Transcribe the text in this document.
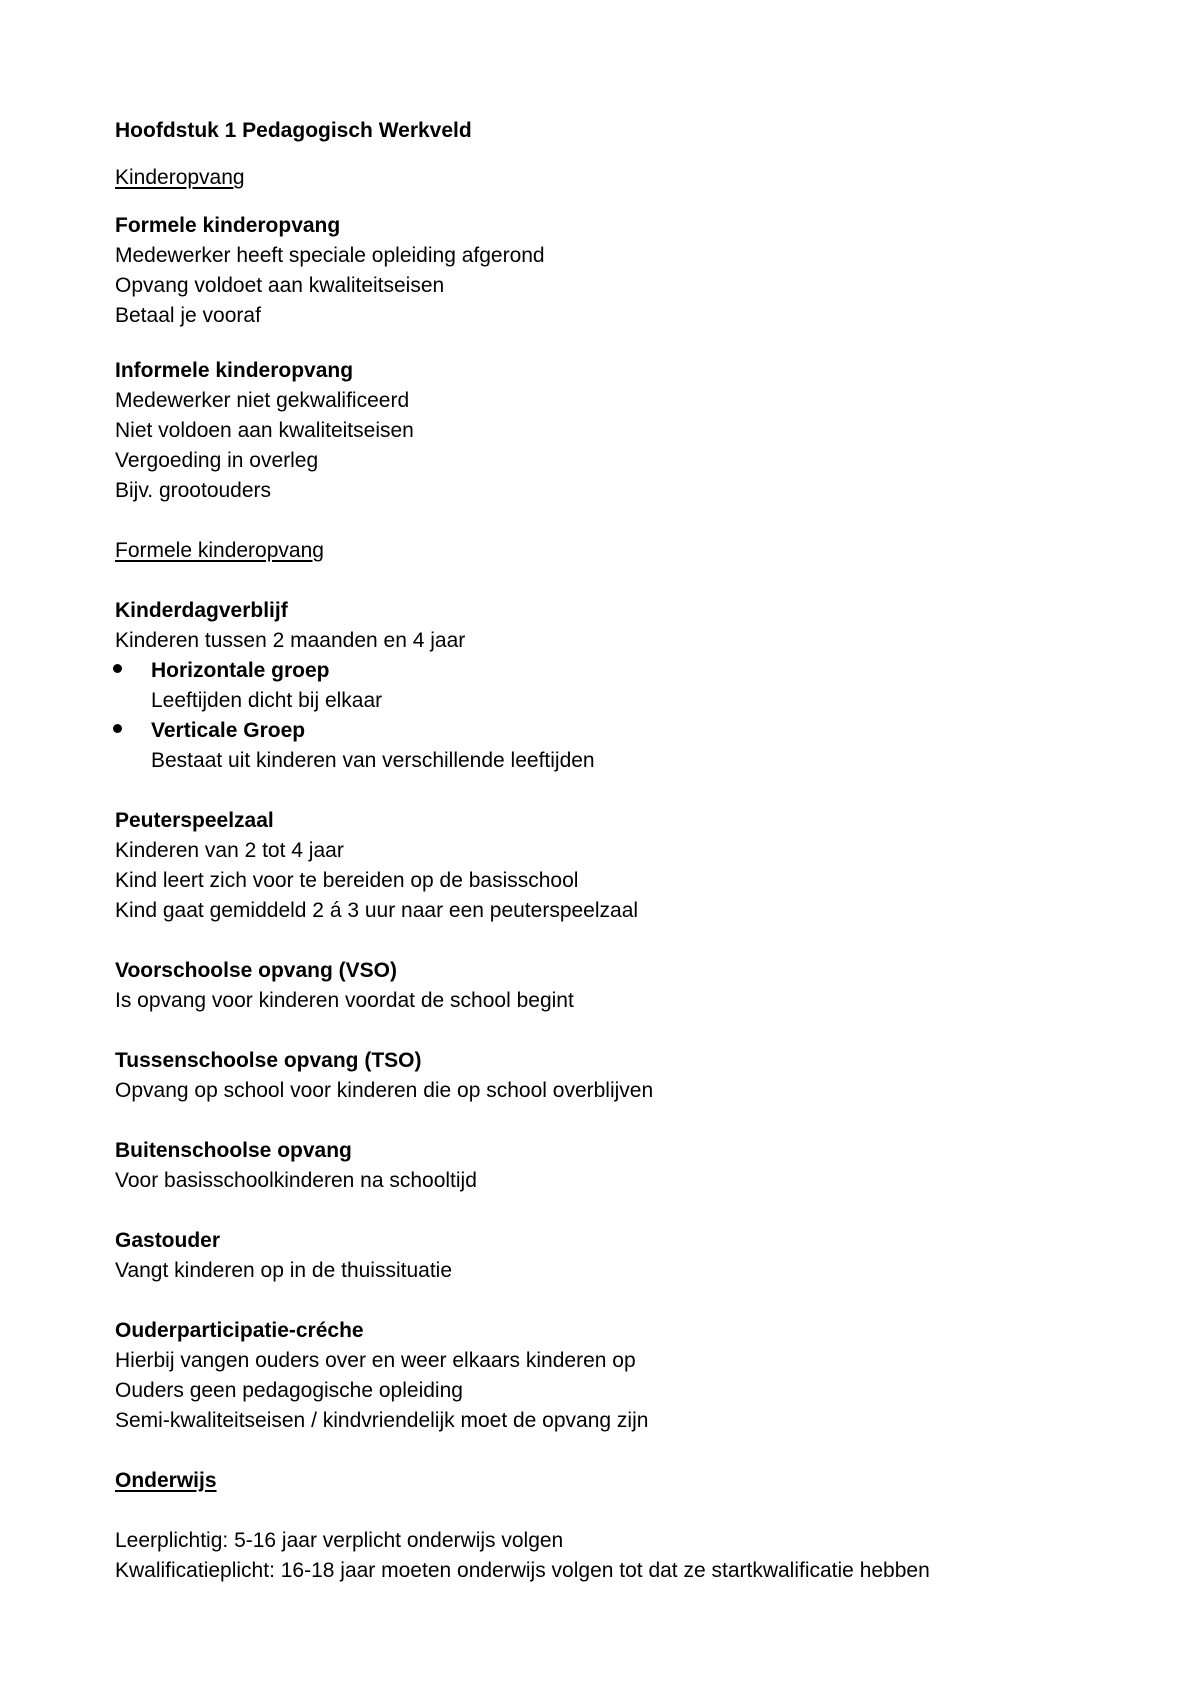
Hoofdstuk 1 Pedagogisch Werkveld
Kinderopvang
Formele kinderopvang
Medewerker heeft speciale opleiding afgerond
Opvang voldoet aan kwaliteitseisen
Betaal je vooraf
Informele kinderopvang
Medewerker niet gekwalificeerd
Niet voldoen aan kwaliteitseisen
Vergoeding in overleg
Bijv. grootouders
Formele kinderopvang
Kinderdagverblijf
Kinderen tussen 2 maanden en 4 jaar
Horizontale groep
Leeftijden dicht bij elkaar
Verticale Groep
Bestaat uit kinderen van verschillende leeftijden
Peuterspeelzaal
Kinderen van 2 tot 4 jaar
Kind leert zich voor te bereiden op de basisschool
Kind gaat gemiddeld 2 á 3 uur naar een peuterspeelzaal
Voorschoolse opvang (VSO)
Is opvang voor kinderen voordat de school begint
Tussenschoolse opvang (TSO)
Opvang op school voor kinderen die op school overblijven
Buitenschoolse opvang
Voor basisschoolkinderen na schooltijd
Gastouder
Vangt kinderen op in de thuissituatie
Ouderparticipatie-créche
Hierbij vangen ouders over en weer elkaars kinderen op
Ouders geen pedagogische opleiding
Semi-kwaliteitseisen / kindvriendelijk moet de opvang zijn
Onderwijs
Leerplichtig: 5-16 jaar verplicht onderwijs volgen
Kwalificatieplicht: 16-18 jaar moeten onderwijs volgen tot dat ze startkwalificatie hebben
